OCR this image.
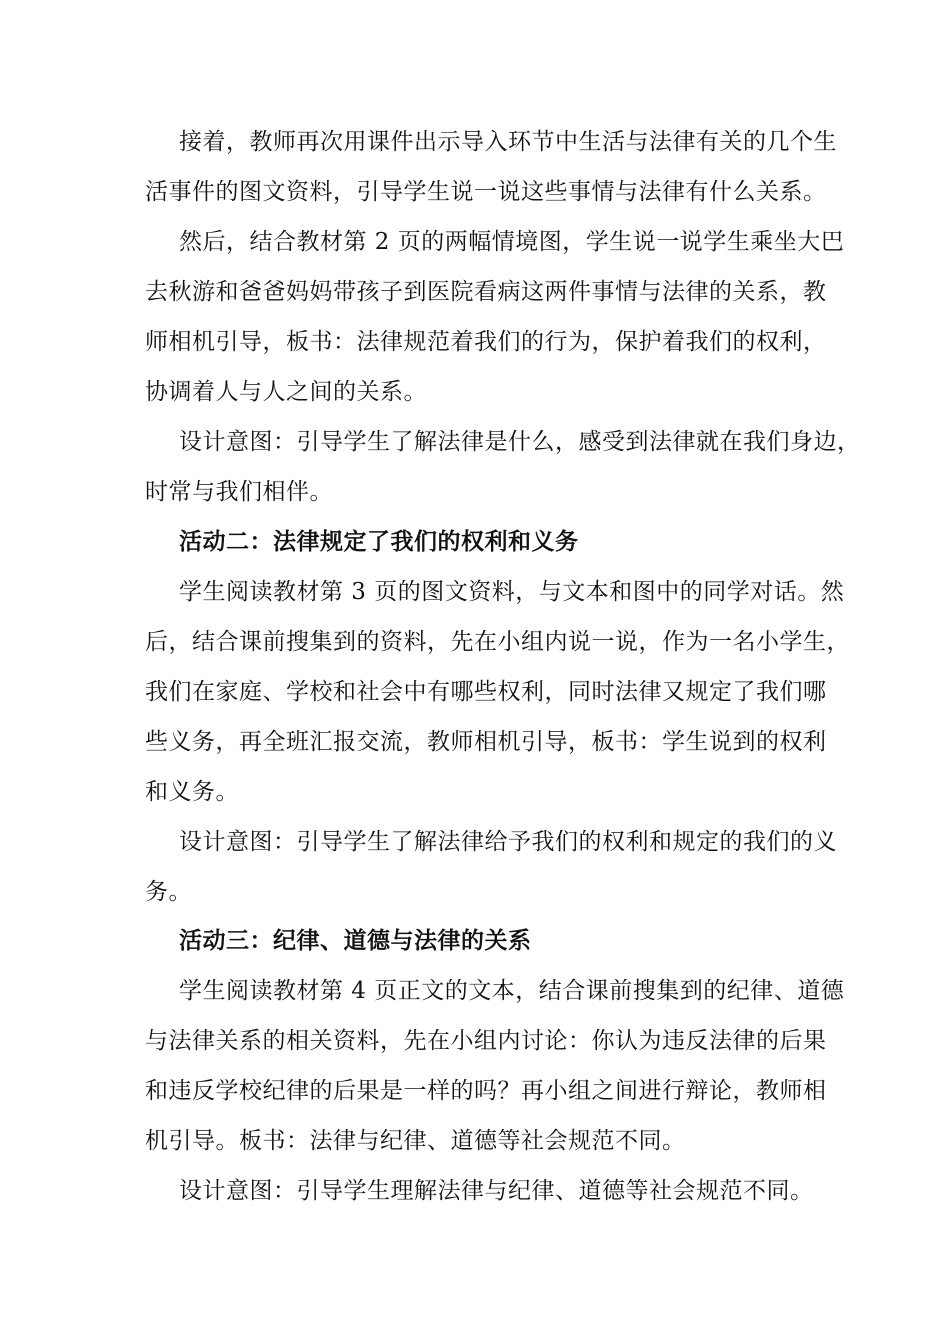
接着，教师再次用课件出示导入环节中生活与法律有关的几个生
活事件的图文资料，引导学生说一说这些事情与法律有什么关系。
然后，结合教材第 2 页的两幅情境图，学生说一说学生乘坐大巴
去秋游和爸爸妈妈带孩子到医院看病这两件事情与法律的关系，教
师相机引导，板书：法律规范着我们的行为，保护着我们的权利，
协调着人与人之间的关系。
设计意图：引导学生了解法律是什么，感受到法律就在我们身边，
时常与我们相伴。
活动二：法律规定了我们的权利和义务
学生阅读教材第 3 页的图文资料，与文本和图中的同学对话。然
后，结合课前搜集到的资料，先在小组内说一说，作为一名小学生，
我们在家庭、学校和社会中有哪些权利，同时法律又规定了我们哪
些义务，再全班汇报交流，教师相机引导，板书：学生说到的权利
和义务。
设计意图：引导学生了解法律给予我们的权利和规定的我们的义
务。
活动三：纪律、道德与法律的关系
学生阅读教材第 4 页正文的文本，结合课前搜集到的纪律、道德
与法律关系的相关资料，先在小组内讨论：你认为违反法律的后果
和违反学校纪律的后果是一样的吗？再小组之间进行辩论，教师相
机引导。板书：法律与纪律、道德等社会规范不同。
设计意图：引导学生理解法律与纪律、道德等社会规范不同。
